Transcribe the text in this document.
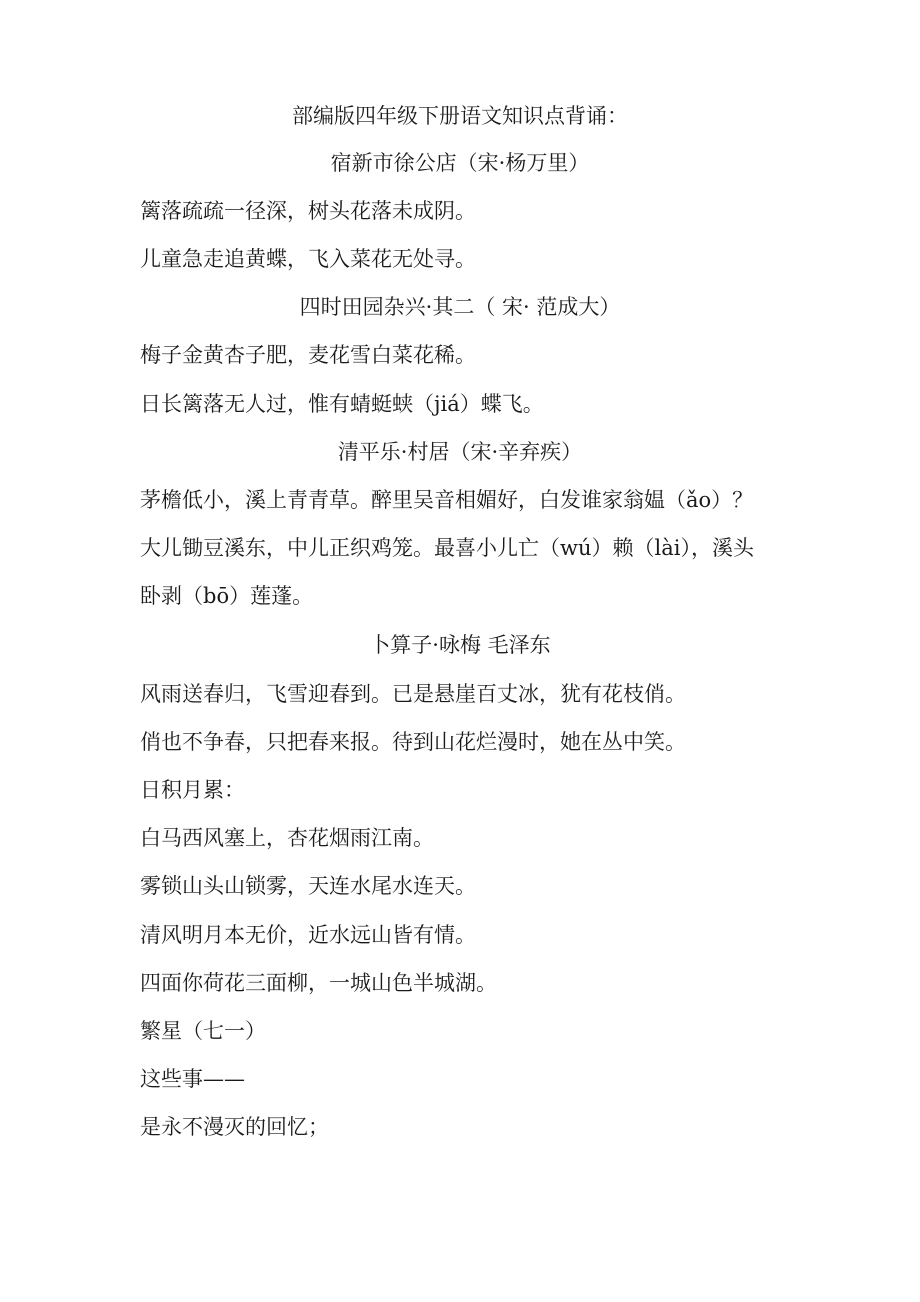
部编版四年级下册语文知识点背诵：
宿新市徐公店（宋·杨万里）
篱落疏疏一径深，树头花落未成阴。
儿童急走追黄蝶，飞入菜花无处寻。
四时田园杂兴·其二（ 宋· 范成大）
梅子金黄杏子肥，麦花雪白菜花稀。
日长篱落无人过，惟有蜻蜓蛱（jiá）蝶飞。
清平乐·村居（宋·辛弃疾）
茅檐低小，溪上青青草。醉里吴音相媚好，白发谁家翁媪（ǎo）？
大儿锄豆溪东，中儿正织鸡笼。最喜小儿亡（wú）赖（lài），溪头
卧剥（bō）莲蓬。
卜算子·咏梅 毛泽东
风雨送春归，飞雪迎春到。已是悬崖百丈冰，犹有花枝俏。
俏也不争春，只把春来报。待到山花烂漫时，她在丛中笑。
日积月累：
白马西风塞上，杏花烟雨江南。
雾锁山头山锁雾，天连水尾水连天。
清风明月本无价，近水远山皆有情。
四面你荷花三面柳，一城山色半城湖。
繁星（七一）
这些事——
是永不漫灭的回忆；
